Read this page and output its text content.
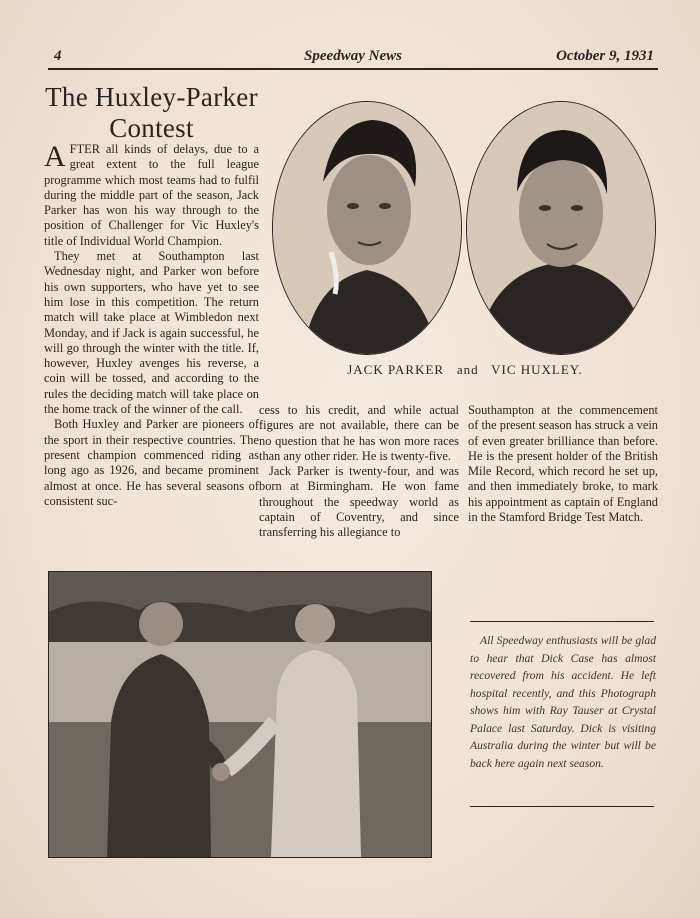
4	Speedway News	October 9, 1931
The Huxley-Parker Contest

AFTER all kinds of delays, due to a great extent to the full league programme which most teams had to fulfil during the middle part of the season, Jack Parker has won his way through to the position of Challenger for Vic Huxley's title of Individual World Champion.

They met at Southampton last Wednesday night, and Parker won before his own supporters, who have yet to see him lose in this competition. The return match will take place at Wimbledon next Monday, and if Jack is again successful, he will go through the winter with the title. If, however, Huxley avenges his reverse, a coin will be tossed, and according to the rules the deciding match will take place on the home track of the winner of the call.

Both Huxley and Parker are pioneers of the sport in their respective countries. The present champion commenced riding as long ago as 1926, and became prominent almost at once. He has several seasons of consistent suc-

cess to his credit, and while actual figures are not available, there can be no question that he has won more races than any other rider. He is twenty-five.

Jack Parker is twenty-four, and was born at Birmingham. He won fame throughout the speedway world as captain of Coventry, and since transferring his allegiance to

Southampton at the commencement of the present season has struck a vein of even greater brilliance than before. He is the present holder of the British Mile Record, which record he set up, and then immediately broke, to mark his appointment as captain of England in the Stamford Bridge Test Match.

JACK PARKER and VIC HUXLEY.
All Speedway enthusiasts will be glad to hear that Dick Case has almost recovered from his accident. He left hospital recently, and this Photograph shows him with Ray Tauser at Crystal Palace last Saturday. Dick is visiting Australia during the winter but will be back here again next season.
